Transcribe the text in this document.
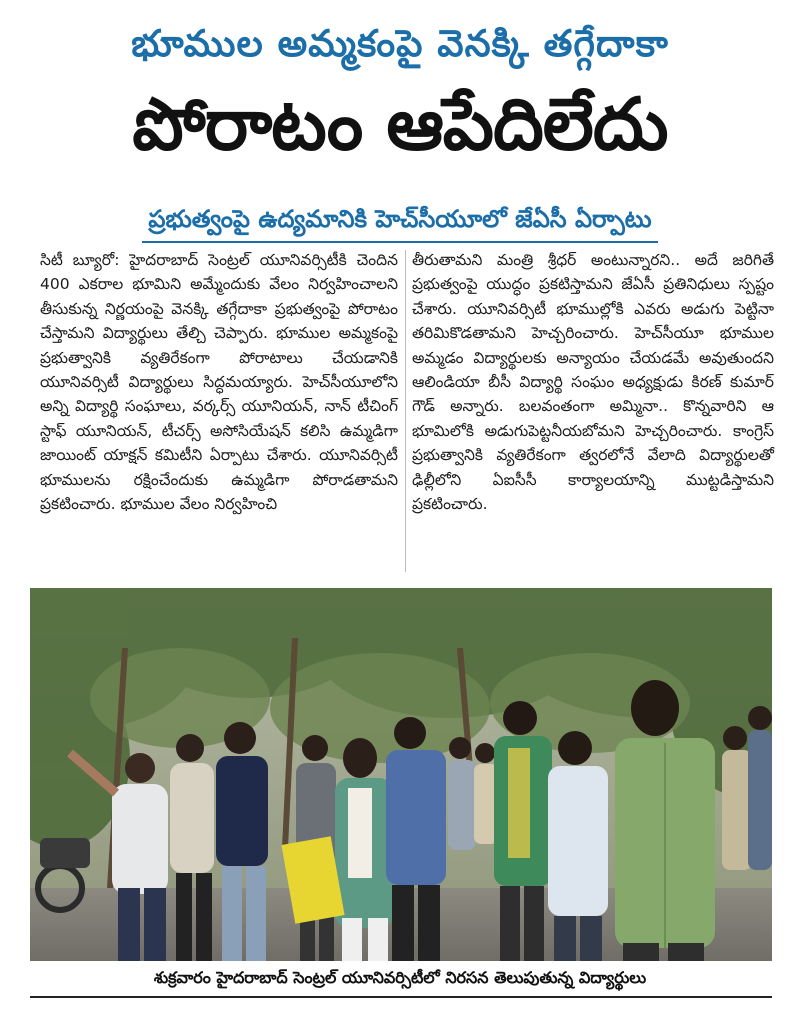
భూముల అమ్మకంపై వెనక్కి తగ్గేదాకా
పోరాటం ఆపేదిలేదు
ప్రభుత్వంపై ఉద్యమానికి హెచ్‌సీయూలో జేఏసీ ఏర్పాటు
సిటీ బ్యూరో: హైదరాబాద్ సెంట్రల్ యూనివర్సిటీకి చెందిన 400 ఎకరాల భూమిని అమ్మేందుకు వేలం నిర్వహించాలని తీసుకున్న నిర్ణయంపై వెనక్కి తగ్గేదాకా ప్రభుత్వంపై పోరాటం చేస్తామని విద్యార్థులు తేల్చి చెప్పారు. భూముల అమ్మకంపై ప్రభుత్వానికి వ్యతిరేకంగా పోరాటాలు చేయడానికి యూనివర్సిటీ విద్యార్థులు సిద్ధమయ్యారు. హెచ్‌సీయూలోని అన్ని విద్యార్థి సంఘాలు, వర్కర్స్ యూనియన్, నాన్ టీచింగ్ స్టాఫ్ యూనియన్, టీచర్స్ అసోసియేషన్ కలిసి ఉమ్మడిగా జాయింట్ యాక్షన్ కమిటీని ఏర్పాటు చేశారు. యూనివర్సిటీ భూములను రక్షించేందుకు ఉమ్మడిగా పోరాడతామని ప్రకటించారు. భూముల వేలం నిర్వహించి
తీరుతామని మంత్రి శ్రీధర్ అంటున్నారని.. అదే జరిగితే ప్రభుత్వంపై యుద్ధం ప్రకటిస్తామని జేఏసీ ప్రతినిధులు స్పష్టం చేశారు. యూనివర్సిటీ భూముల్లోకి ఎవరు అడుగు పెట్టినా తరిమికొడతామని హెచ్చరించారు. హెచ్‌సీయూ భూముల అమ్మడం విద్యార్థులకు అన్యాయం చేయడమే అవుతుందని ఆలిండియా బీసీ విద్యార్థి సంఘం అధ్యక్షుడు కిరణ్ కుమార్ గౌడ్ అన్నారు. బలవంతంగా అమ్మినా.. కొన్నవారిని ఆ భూమిలోకి అడుగుపెట్టనీయబోమని హెచ్చరించారు. కాంగ్రెస్ ప్రభుత్వానికి వ్యతిరేకంగా త్వరలోనే వేలాది విద్యార్థులతో ఢిల్లీలోని ఏఐసీసీ కార్యాలయాన్ని ముట్టడిస్తామని ప్రకటించారు.
శుక్రవారం హైదరాబాద్ సెంట్రల్ యూనివర్సిటీలో నిరసన తెలుపుతున్న విద్యార్థులు
